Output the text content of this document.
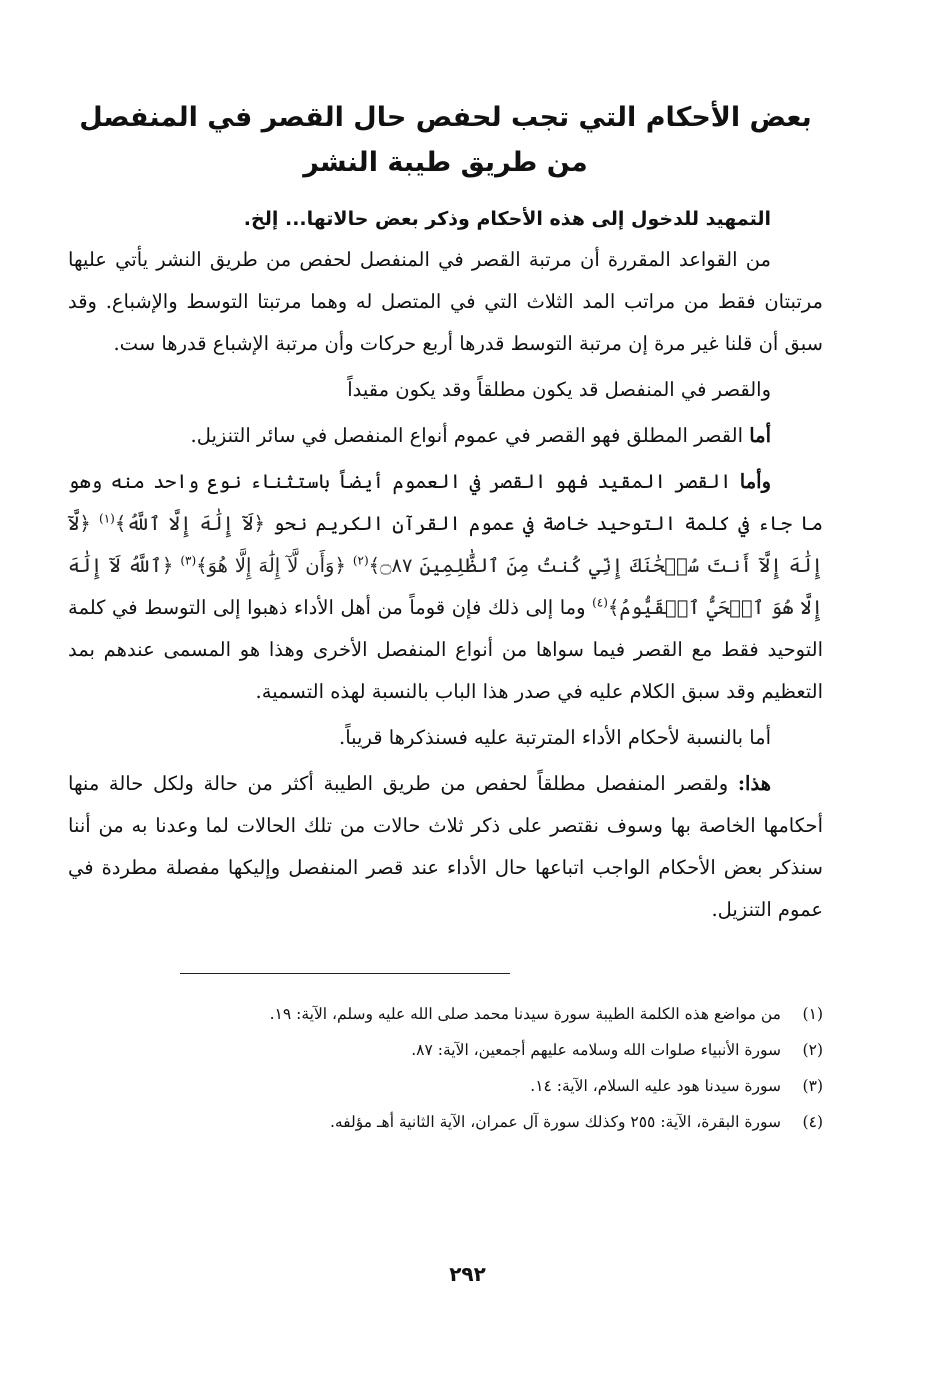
بعض الأحكام التي تجب لحفص حال القصر في المنفصل من طريق طيبة النشر
التمهيد للدخول إلى هذه الأحكام وذكر بعض حالاتها... إلخ.

من القواعد المقررة أن مرتبة القصر في المنفصل لحفص من طريق النشر يأتي عليها مرتبتان فقط من مراتب المد الثلاث التي في المتصل له وهما مرتبتا التوسط والإشباع. وقد سبق أن قلنا غير مرة إن مرتبة التوسط قدرها أربع حركات وأن مرتبة الإشباع قدرها ست.

والقصر في المنفصل قد يكون مطلقاً وقد يكون مقيداً

أما القصر المطلق فهو القصر في عموم أنواع المنفصل في سائر التنزيل.

وأما القصر المقيد فهو القصر في العموم أيضاً باستثناء نوع واحد منه وهو ما جاء في كلمة التوحيد خاصة في عموم القرآن الكريم نحو ﴿لَآ إِلَٰهَ إِلَّا ٱللَّهُ﴾$^{(١)}$ ﴿لَّآ إِلَٰهَ إِلَّآ أَنتَ سُبۡحَٰنَكَ إِنِّي كُنتُ مِنَ ٱلظَّٰلِمِينَ ۝٨٧﴾$^{(٢)}$ ﴿وَأَن لَّآ إِلَٰهَ إِلَّا هُوَ﴾$^{(٣)}$ ﴿ٱللَّهُ لَآ إِلَٰهَ إِلَّا هُوَ ٱلۡحَيُّ ٱلۡقَيُّومُ﴾$^{(٤)}$ وما إلى ذلك فإن قوماً من أهل الأداء ذهبوا إلى التوسط في كلمة التوحيد فقط مع القصر فيما سواها من أنواع المنفصل الأخرى وهذا هو المسمى عندهم بمد التعظيم وقد سبق الكلام عليه في صدر هذا الباب بالنسبة لهذه التسمية.

أما بالنسبة لأحكام الأداء المترتبة عليه فسنذكرها قريباً.

هذا: ولقصر المنفصل مطلقاً لحفص من طريق الطيبة أكثر من حالة ولكل حالة منها أحكامها الخاصة بها وسوف نقتصر على ذكر ثلاث حالات من تلك الحالات لما وعدنا به من أننا سنذكر بعض الأحكام الواجب اتباعها حال الأداء عند قصر المنفصل وإليكها مفصلة مطردة في عموم التنزيل.

(١)
من مواضع هذه الكلمة الطيبة سورة سيدنا محمد صلى الله عليه وسلم، الآية: ١٩.
(٢)
سورة الأنبياء صلوات الله وسلامه عليهم أجمعين، الآية: ٨٧.
(٣)
سورة سيدنا هود عليه السلام، الآية: ١٤.
(٤)
سورة البقرة، الآية: ٢٥٥ وكذلك سورة آل عمران، الآية الثانية أهـ مؤلفه.
٢٩٢
